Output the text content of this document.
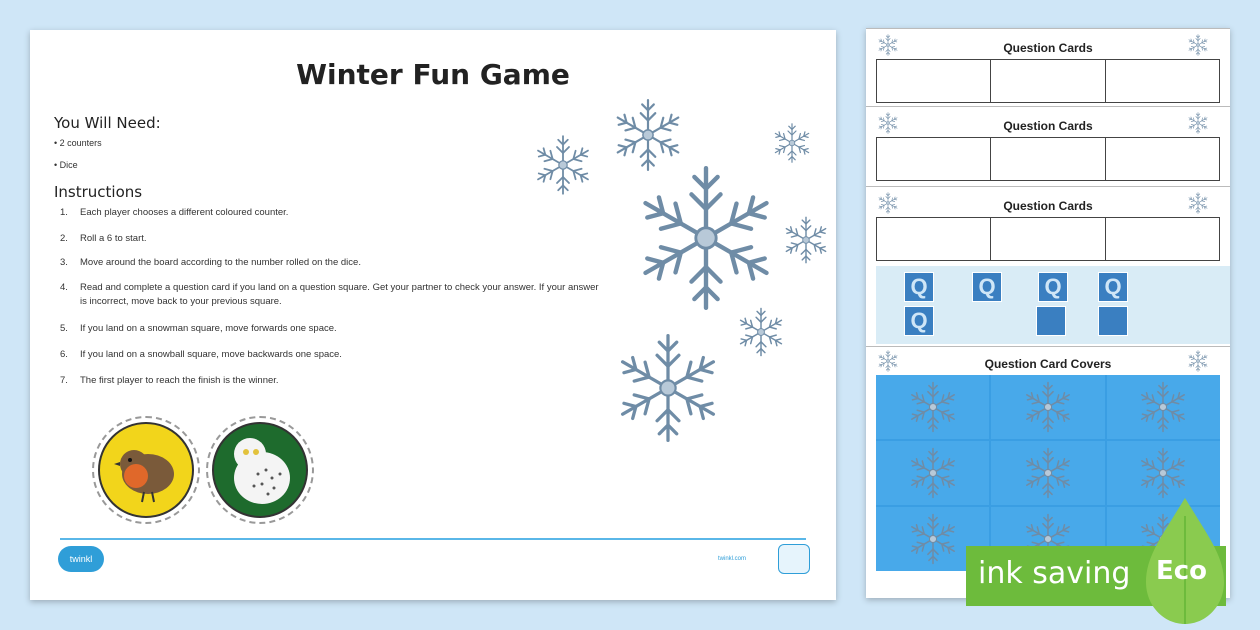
Winter Fun Game
You Will Need:
• 2 counters
• Dice
Instructions
1.	Each player chooses a different coloured counter.
2.	Roll a 6 to start.
3.	Move around the board according to the number rolled on the dice.
4.	Read and complete a question card if you land on a question square. Get your partner to check your answer. If your answer is incorrect, move back to your previous square.
5.	If you land on a snowman square, move forwards one space.
6.	If you land on a snowball square, move backwards one space.
7.	The first player to reach the finish is the winner.
twinkl	twinkl.com
Question Cards
Question Cards
Question Cards
Q
Q
Q Q Q
Question Card Covers
ink saving Eco
